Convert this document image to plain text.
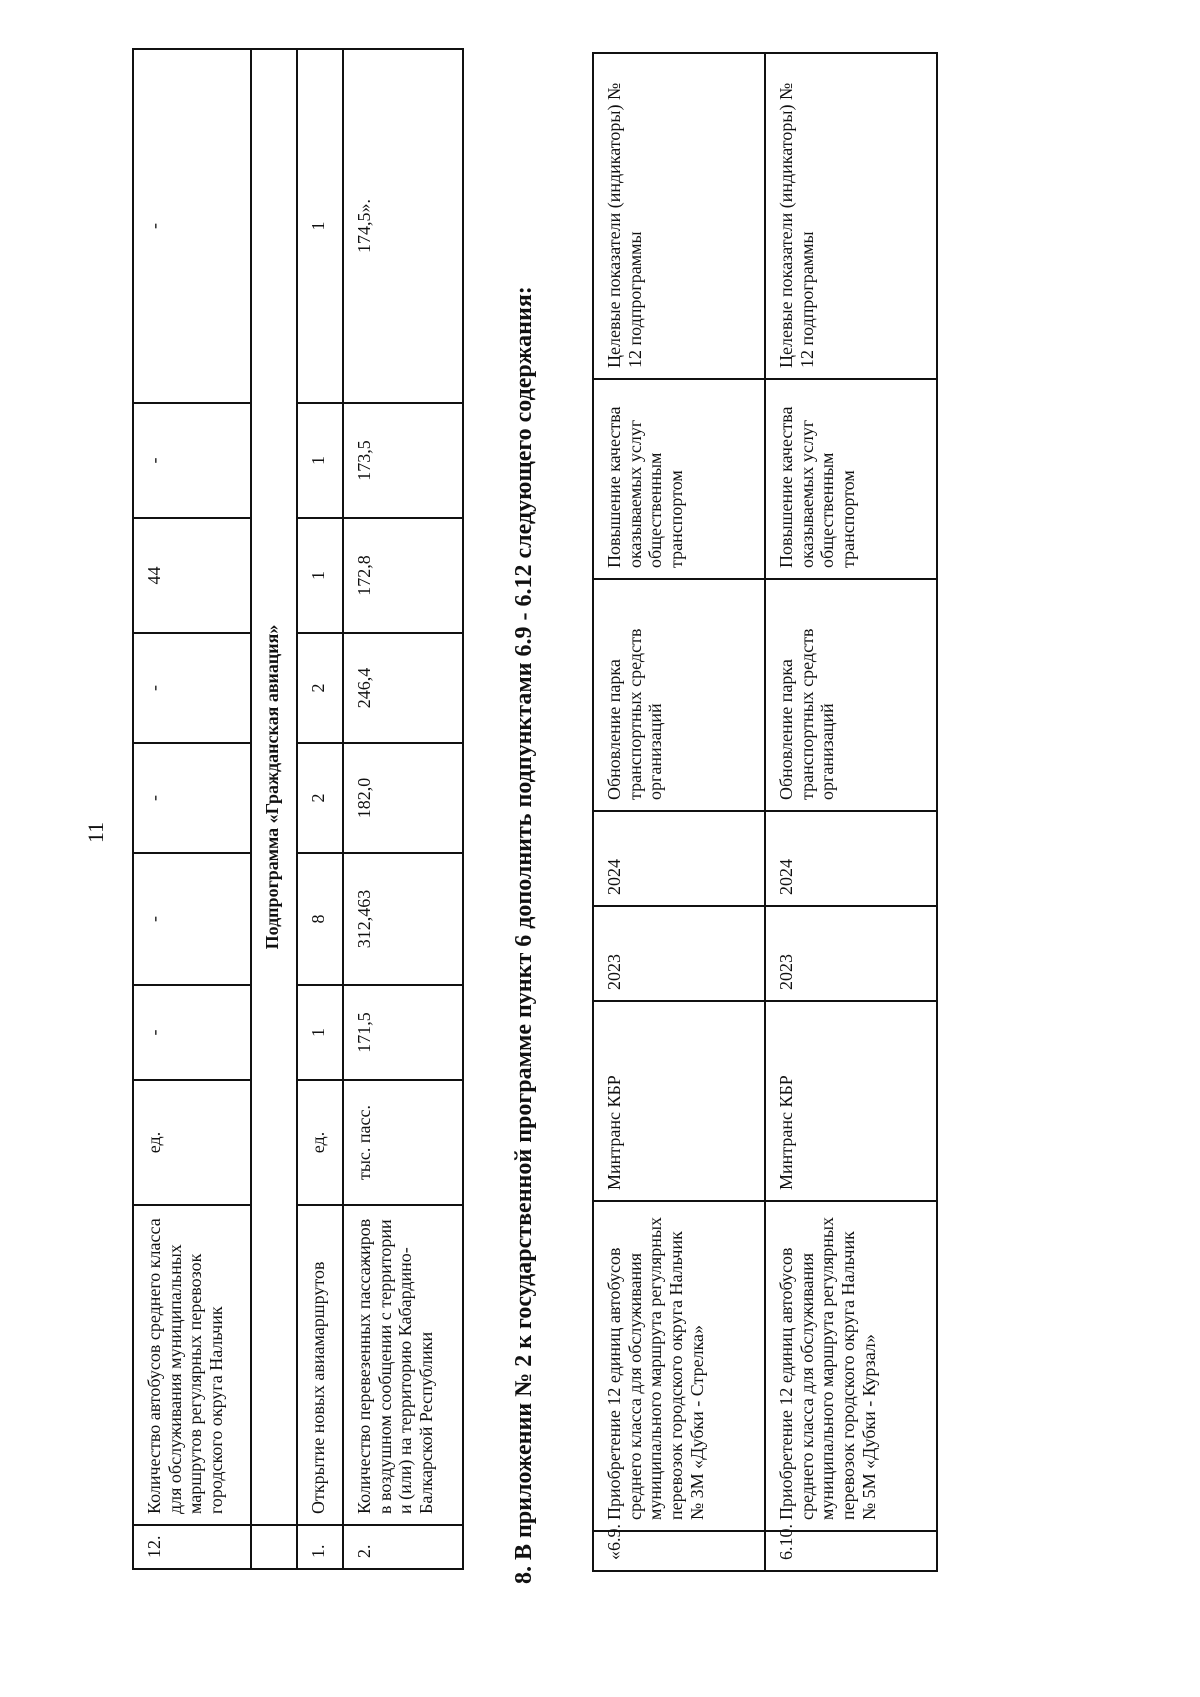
11
12.	Количество автобусов среднего класса для обслуживания муниципальных маршрутов регулярных перевозок городского округа Нальчик	ед.	-	-	-	-	44	-	-
	Подпрограмма «Гражданская авиация»								
1.	Открытие новых авиамаршрутов	ед.	1	8	2	2	1	1	1
2.	Количество перевезенных пассажиров в воздушном сообщении с территории и (или) на территорию Кабардино-Балкарской Республики	тыс. пасс.	171,5	312,463	182,0	246,4	172,8	173,5	174,5».
8. В приложении № 2 к государственной программе пункт 6 дополнить подпунктами 6.9 - 6.12 следующего содержания:	«6.9.	Приобретение 12 единиц автобусов среднего класса для обслуживания муниципального маршрута регулярных перевозок городского округа Нальчик № 3М «Дубки - Стрелка»	Минтранс КБР	2023	2024	Обновление парка транспортных средств организаций	Повышение качества оказываемых услуг общественным транспортом	Целевые показатели (индикаторы) № 12 подпрограммы
6.10.	Приобретение 12 единиц автобусов среднего класса для обслуживания муниципального маршрута регулярных перевозок городского округа Нальчик № 5М «Дубки - Курзал»	Минтранс КБР	2023	2024	Обновление парка транспортных средств организаций	Повышение качества оказываемых услуг общественным транспортом	Целевые показатели (индикаторы) № 12 подпрограммы
